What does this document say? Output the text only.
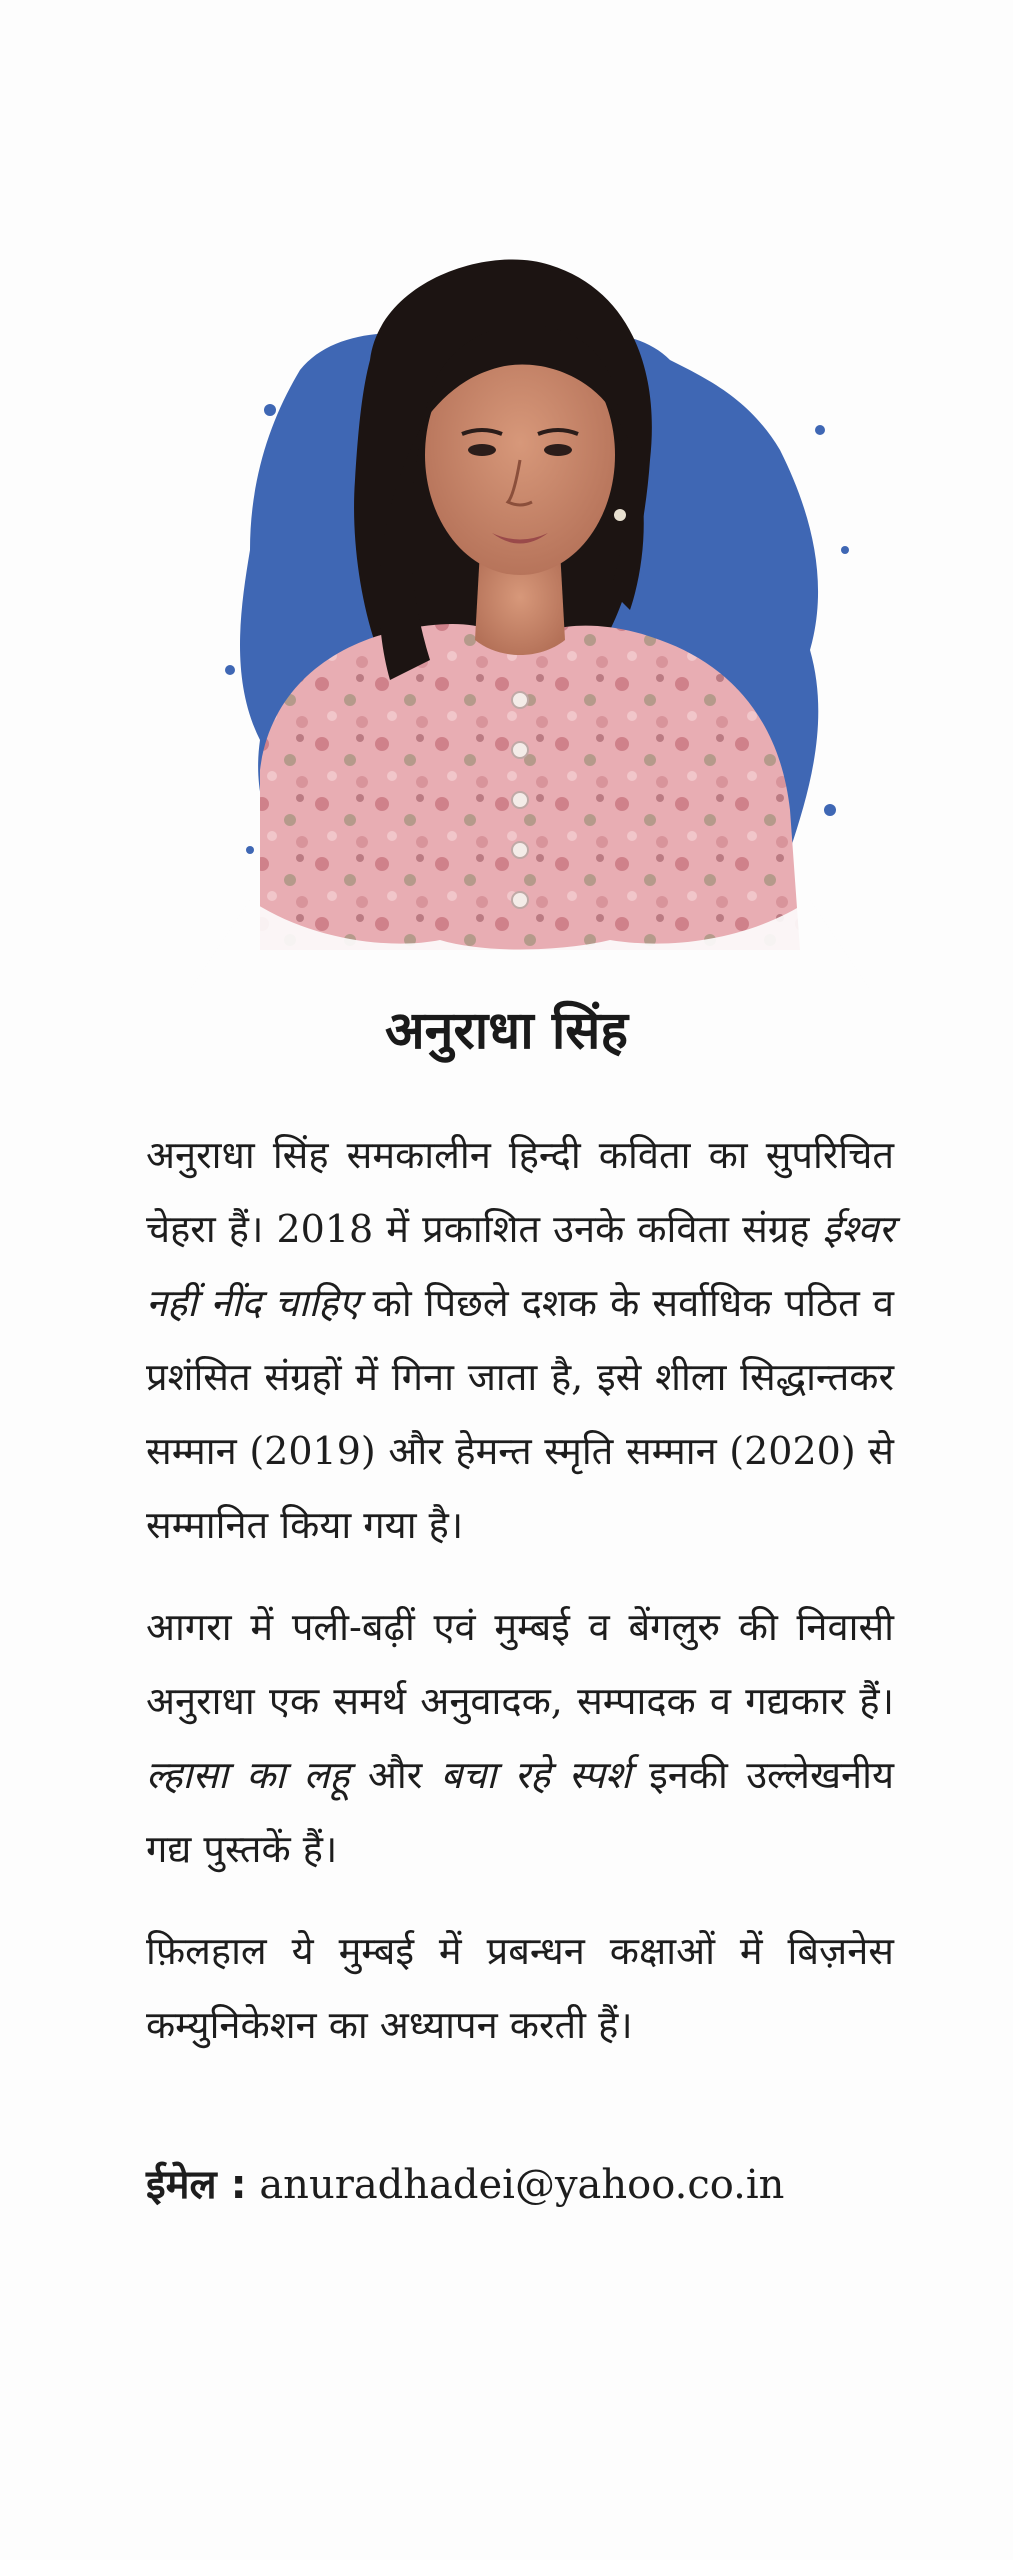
अनुराधा सिंह

अनुराधा सिंह समकालीन हिन्दी कविता का सुपरिचित चेहरा हैं। 2018 में प्रकाशित उनके कविता संग्रह ईश्वर नहीं नींद चाहिए को पिछले दशक के सर्वाधिक पठित व प्रशंसित संग्रहों में गिना जाता है, इसे शीला सिद्धान्तकर सम्मान (2019) और हेमन्त स्मृति सम्मान (2020) से सम्मानित किया गया है।

आगरा में पली-बढ़ीं एवं मुम्बई व बेंगलुरु की निवासी अनुराधा एक समर्थ अनुवादक, सम्पादक व गद्यकार हैं। ल्हासा का लहू और बचा रहे स्पर्श इनकी उल्लेखनीय गद्य पुस्तकें हैं।

फ़िलहाल ये मुम्बई में प्रबन्धन कक्षाओं में बिज़नेस कम्युनिकेशन का अध्यापन करती हैं।

ईमेल : anuradhadei@yahoo.co.in
